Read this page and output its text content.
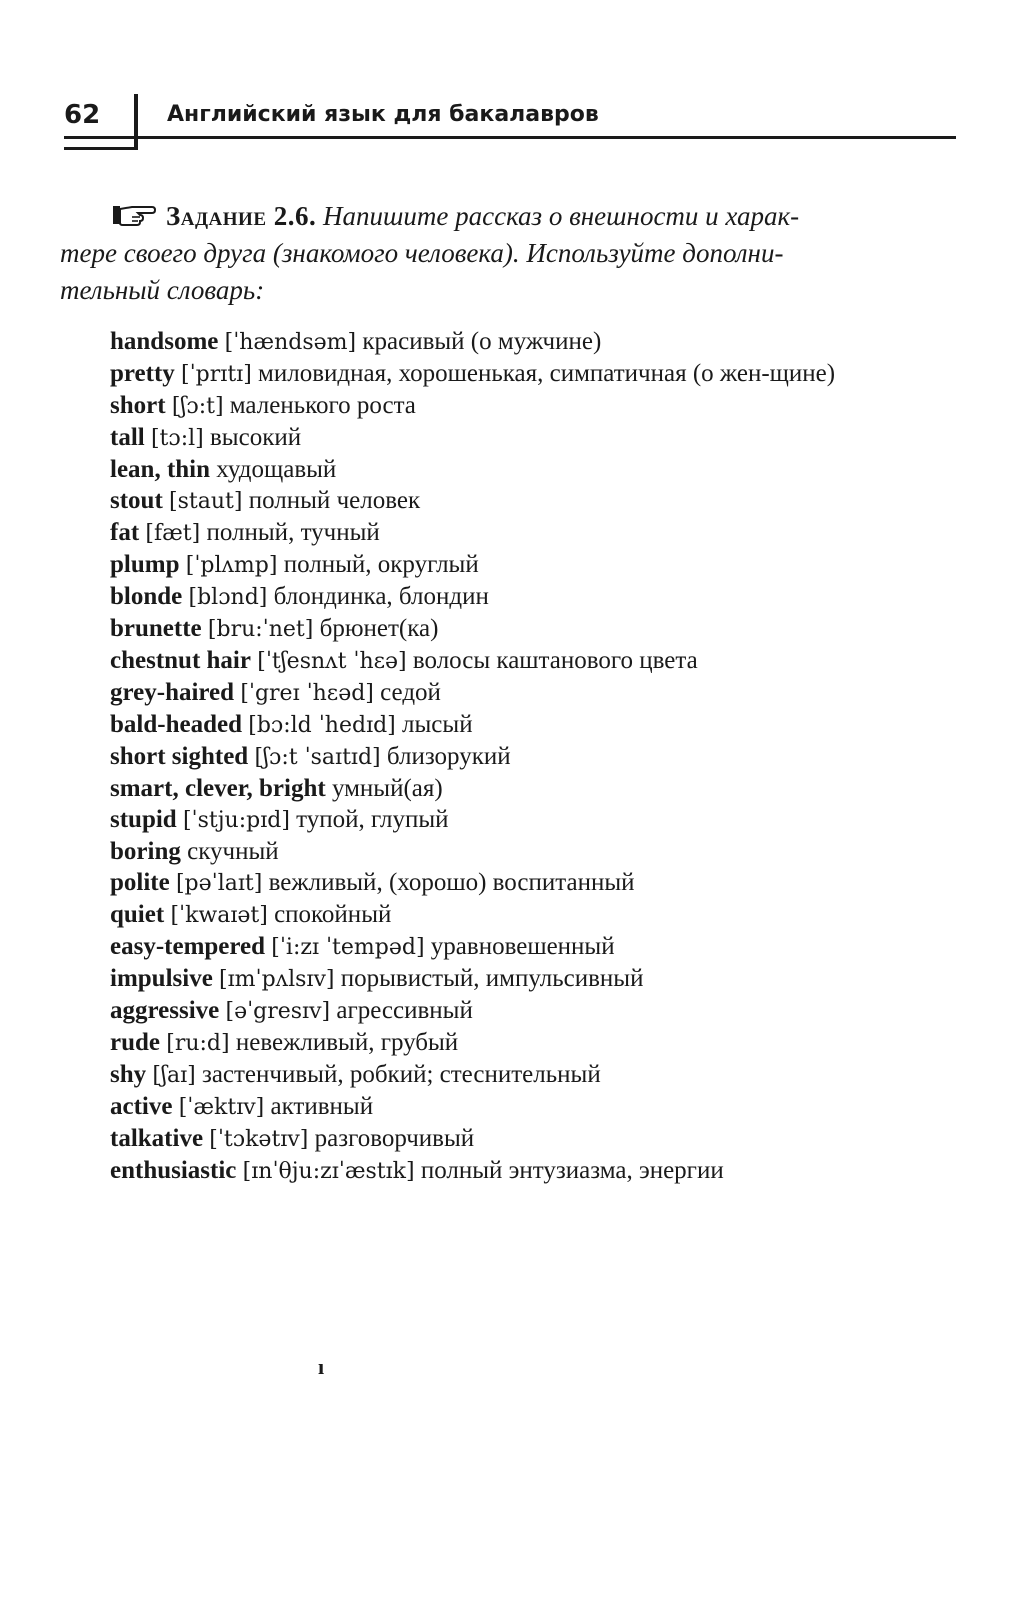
62	Английский язык для бакалавров
Задание 2.6. Напишите рассказ о внешности и харак-
тере своего друга (знакомого человека). Используйте дополни-
тельный словарь:
handsome [ˈhændsəm] красивый (о мужчине)
pretty [ˈprɪtɪ] миловидная, хорошенькая, симпатичная (о жен-щине)
short [ʃɔ:t] маленького роста
tall [tɔ:l] высокий
lean, thin худощавый
stout [staut] полный человек
fat [fæt] полный, тучный
plump [ˈplʌmp] полный, округлый
blonde [blɔnd] блондинка, блондин
brunette [bru:ˈnet] брюнет(ка)
chestnut hair [ˈtʃesnʌt ˈhɛə] волосы каштанового цвета
grey-haired [ˈgreɪ ˈhɛəd] седой
bald-headed [bɔ:ld ˈhedɪd] лысый
short sighted [ʃɔ:t ˈsaɪtɪd] близорукий
smart, clever, bright умный(ая)
stupid [ˈstju:pɪd] тупой, глупый
boring скучный
polite [pəˈlaɪt] вежливый, (хорошо) воспитанный
quiet [ˈkwaɪət] спокойный
easy-tempered [ˈi:zɪ ˈtempəd] уравновешенный
impulsive [ɪmˈpʌlsɪv] порывистый, импульсивный
aggressive [əˈgresɪv] агрессивный
rude [ru:d] невежливый, грубый
shy [ʃaɪ] застенчивый, робкий; стеснительный
active [ˈæktɪv] активный
talkative [ˈtɔkətɪv] разговорчивый
enthusiastic [ɪnˈθju:zɪˈæstɪk] полный энтузиазма, энергии
ı
